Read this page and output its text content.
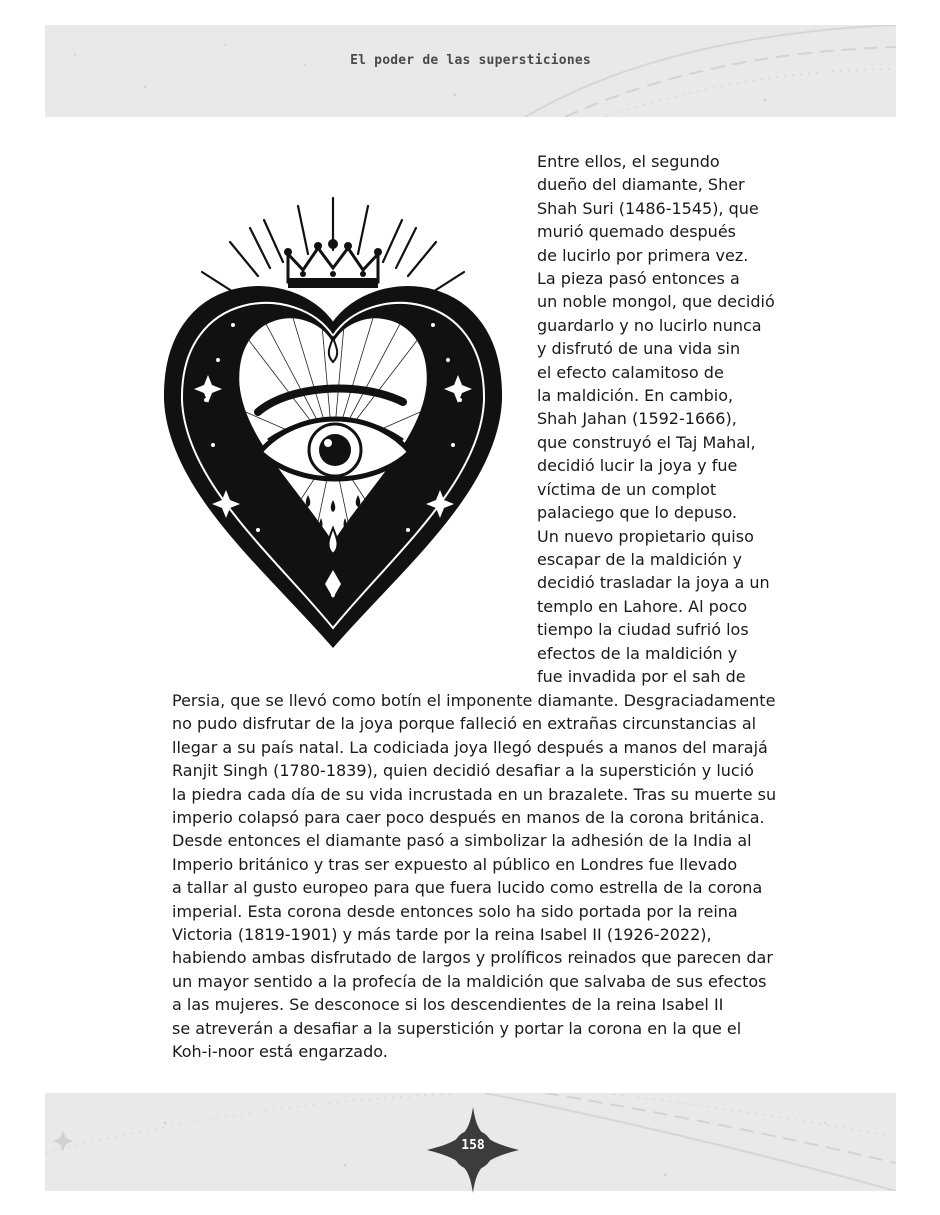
El poder de las supersticiones
Entre ellos, el segundo
dueño del diamante, Sher
Shah Suri (1486-1545), que
murió quemado después
de lucirlo por primera vez.
La pieza pasó entonces a
un noble mongol, que decidió
guardarlo y no lucirlo nunca
y disfrutó de una vida sin
el efecto calamitoso de
la maldición. En cambio,
Shah Jahan (1592-1666),
que construyó el Taj Mahal,
decidió lucir la joya y fue
víctima de un complot
palaciego que lo depuso.
Un nuevo propietario quiso
escapar de la maldición y
decidió trasladar la joya a un
templo en Lahore. Al poco
tiempo la ciudad sufrió los
efectos de la maldición y
fue invadida por el sah de
Persia, que se llevó como botín el imponente diamante. Desgraciadamente
no pudo disfrutar de la joya porque falleció en extrañas circunstancias al
llegar a su país natal. La codiciada joya llegó después a manos del marajá
Ranjit Singh (1780-1839), quien decidió desafiar a la superstición y lució
la piedra cada día de su vida incrustada en un brazalete. Tras su muerte su
imperio colapsó para caer poco después en manos de la corona británica.
Desde entonces el diamante pasó a simbolizar la adhesión de la India al
Imperio británico y tras ser expuesto al público en Londres fue llevado
a tallar al gusto europeo para que fuera lucido como estrella de la corona
imperial. Esta corona desde entonces solo ha sido portada por la reina
Victoria (1819-1901) y más tarde por la reina Isabel II (1926-2022),
habiendo ambas disfrutado de largos y prolíficos reinados que parecen dar
un mayor sentido a la profecía de la maldición que salvaba de sus efectos
a las mujeres. Se desconoce si los descendientes de la reina Isabel II
se atreverán a desafiar a la superstición y portar la corona en la que el
Koh-i-noor está engarzado.
158
